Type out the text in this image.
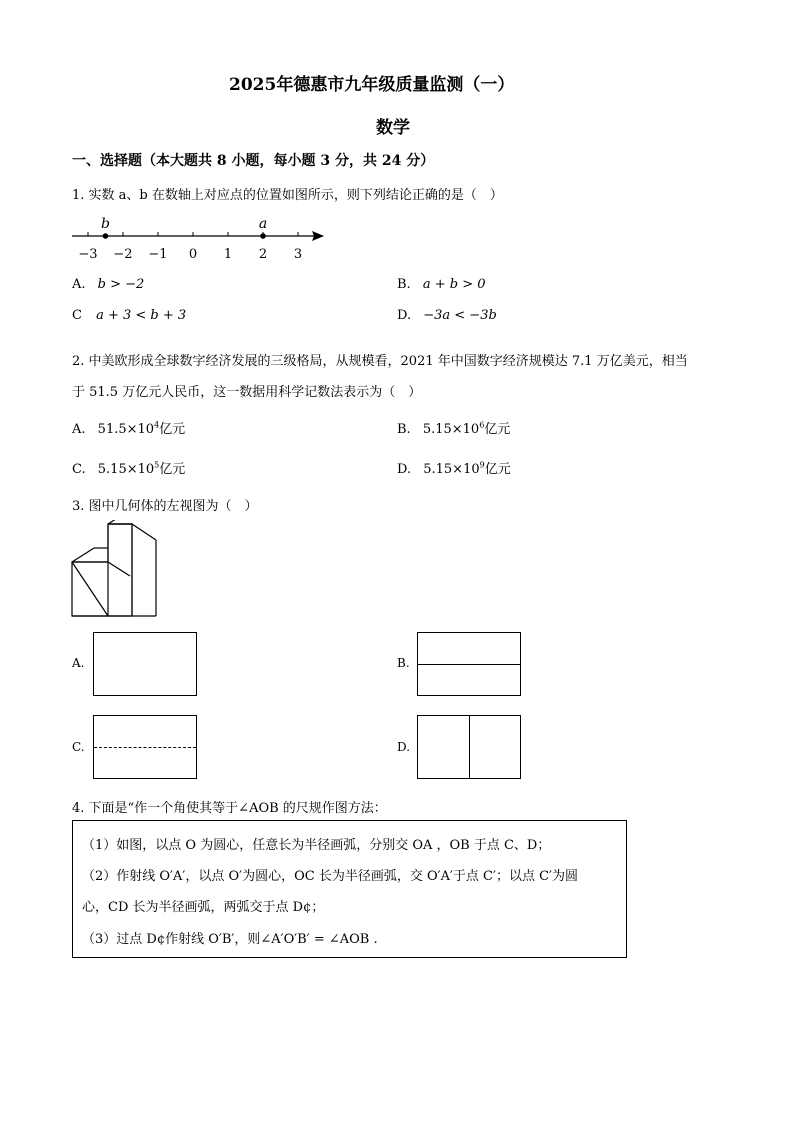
2025年德惠市九年级质量监测（一）
数学
一、选择题（本大题共 8 小题，每小题 3 分，共 24 分）
1. 实数 a、b 在数轴上对应点的位置如图所示，则下列结论正确的是（　）
−3 −2 −1 0 1 2 3
b	a
A. b > −2	B. a + b > 0
C a + 3 < b + 3	D. −3a < −3b
2. 中美欧形成全球数字经济发展的三级格局，从规模看，2021 年中国数字经济规模达 7.1 万亿美元，相当
于 51.5 万亿元人民币，这一数据用科学记数法表示为（　）
A. $51.5\times 10^4$亿元	B. $5.15\times 10^6$亿元
C. $5.15\times 10^5$亿元	D. $5.15\times 10^9$亿元
3. 图中几何体的左视图为（　）
A.	B.
C.	D.
4. 下面是“作一个角使其等于∠AOB 的尺规作图方法：
（1）如图，以点 O 为圆心，任意长为半径画弧，分别交 OA ，OB 于点 C、D；
（2）作射线 O′A′，以点 O′为圆心，OC 长为半径画弧，交 O′A′于点 C′；以点 C′为圆
心，CD 长为半径画弧，两弧交于点 D¢；
（3）过点 D¢作射线 O′B′，则∠A′O′B′ = ∠AOB .
